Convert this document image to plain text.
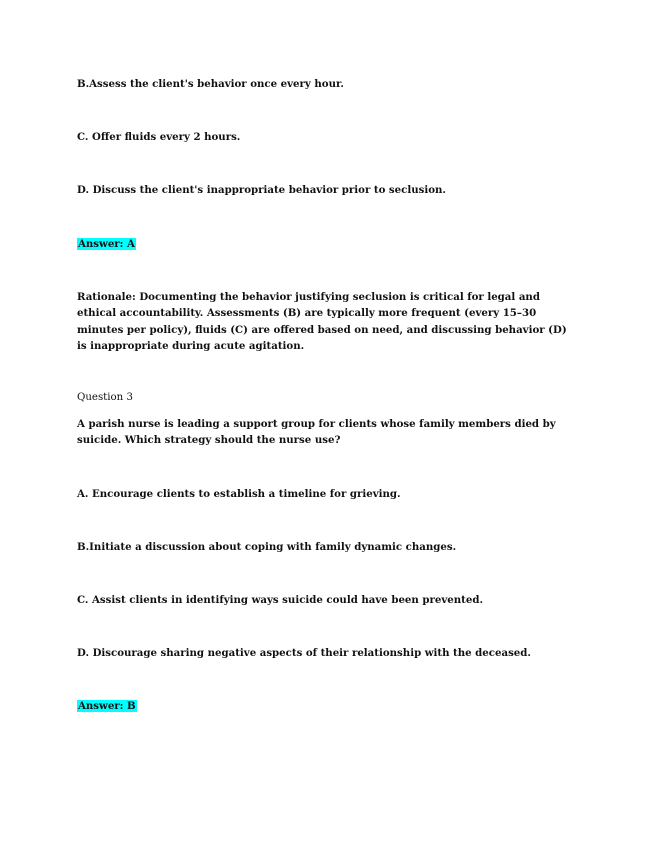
B.Assess the client's behavior once every hour.
C. Offer fluids every 2 hours.
D. Discuss the client's inappropriate behavior prior to seclusion.
Answer: A
Rationale: Documenting the behavior justifying seclusion is critical for legal and ethical accountability. Assessments (B) are typically more frequent (every 15–30 minutes per policy), fluids (C) are offered based on need, and discussing behavior (D) is inappropriate during acute agitation.
Question 3
A parish nurse is leading a support group for clients whose family members died by suicide. Which strategy should the nurse use?
A. Encourage clients to establish a timeline for grieving.
B.Initiate a discussion about coping with family dynamic changes.
C. Assist clients in identifying ways suicide could have been prevented.
D. Discourage sharing negative aspects of their relationship with the deceased.
Answer: B
